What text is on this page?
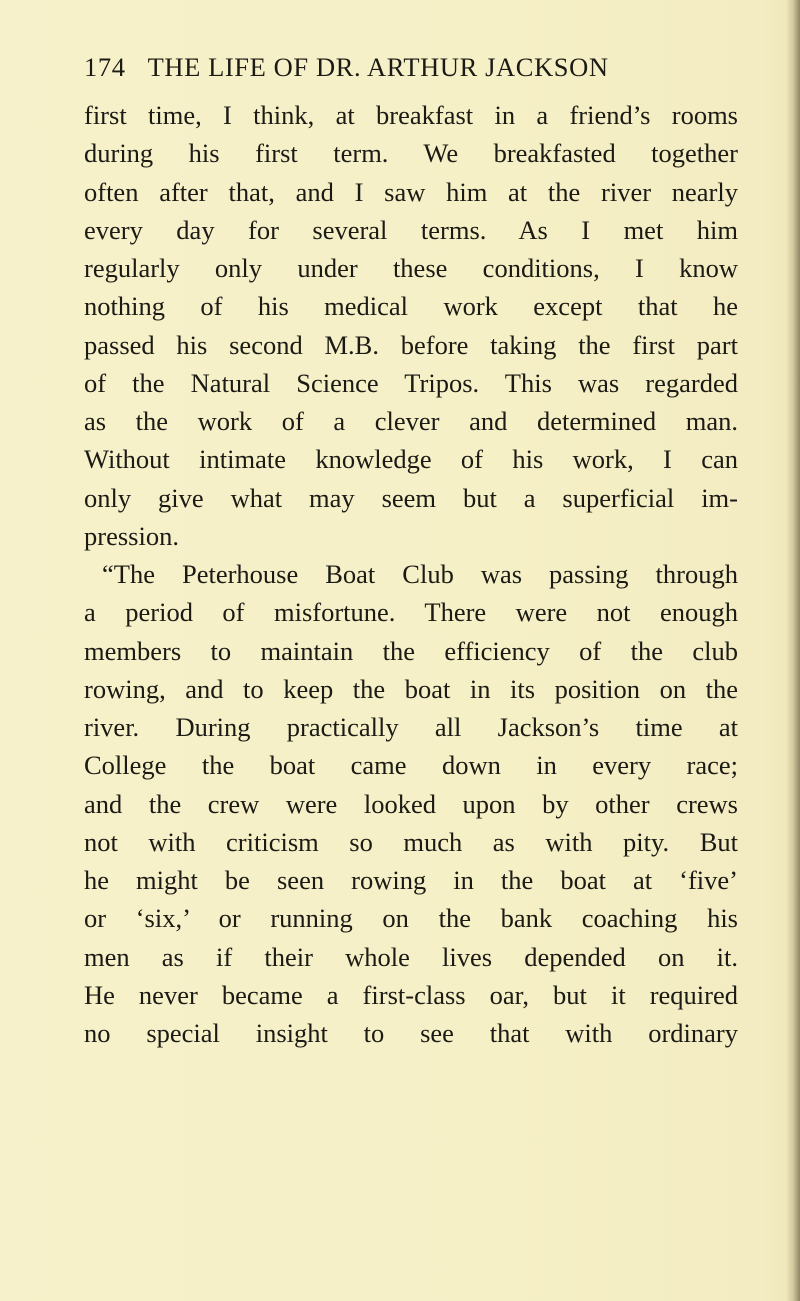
174 THE LIFE OF DR. ARTHUR JACKSON
first time, I think, at breakfast in a friend’s rooms
during his first term. We breakfasted together
often after that, and I saw him at the river nearly
every day for several terms. As I met him
regularly only under these conditions, I know
nothing of his medical work except that he
passed his second M.B. before taking the first part
of the Natural Science Tripos. This was regarded
as the work of a clever and determined man.
Without intimate knowledge of his work, I can
only give what may seem but a superficial im-
pression.
“The Peterhouse Boat Club was passing through
a period of misfortune. There were not enough
members to maintain the efficiency of the club
rowing, and to keep the boat in its position on the
river. During practically all Jackson’s time at
College the boat came down in every race;
and the crew were looked upon by other crews
not with criticism so much as with pity. But
he might be seen rowing in the boat at ‘five’
or ‘six,’ or running on the bank coaching his
men as if their whole lives depended on it.
He never became a first-class oar, but it required
no special insight to see that with ordinary
